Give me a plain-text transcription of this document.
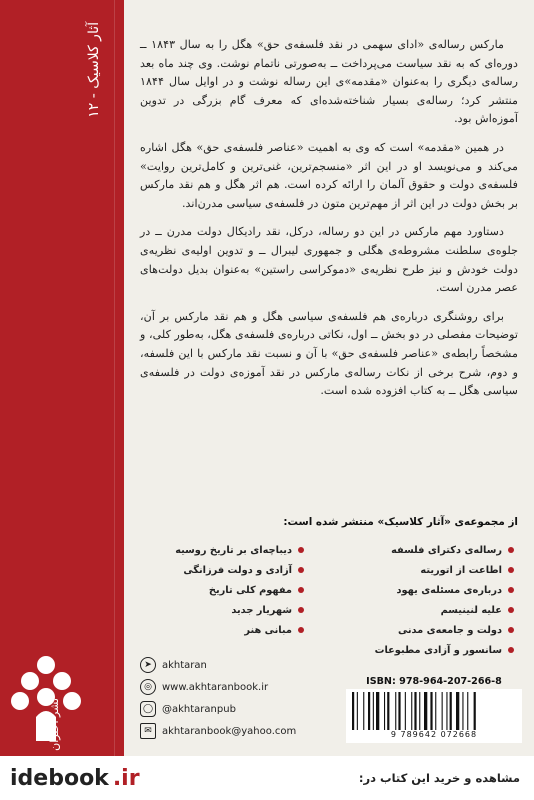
آثار کلاسیک - ۱۲
نشر اختران

مارکس رساله‌ی «ادای سهمی در نقد فلسفه‌ی حق» هگل را به سال ۱۸۴۳ ــ دوره‌ای که به نقد سیاست می‌پرداخت ــ به‌صورتی ناتمام نوشت. وی چند ماه بعد رساله‌ی دیگری را به‌عنوان «مقدمه»ی این رساله نوشت و در اوایل سال ۱۸۴۴ منتشر کرد؛ رساله‌ی بسیار شناخته‌شده‌ای که معرف گام بزرگی در تدوین آموزه‌اش بود.

در همین «مقدمه» است که وی به اهمیت «عناصر فلسفه‌ی حق» هگل اشاره می‌کند و می‌نویسد او در این اثر «منسجم‌ترین، غنی‌ترین و کامل‌ترین روایت» فلسفه‌ی دولت و حقوق آلمان را ارائه کرده است. هم اثر هگل و هم نقد مارکس بر بخش دولت در این اثر از مهم‌ترین متون در فلسفه‌ی سیاسی مدرن‌اند.

دستاورد مهم مارکس در این دو رساله، درکل، نقد رادیکال دولت مدرن ــ در جلوه‌ی سلطنت مشروطه‌ی هگلی و جمهوری لیبرال ــ و تدوین اولیه‌ی نظریه‌ی دولت خودش و نیز طرح نظریه‌ی «دموکراسی راستین» به‌عنوان بدیل دولت‌های عصر مدرن است.

برای روشنگری درباره‌ی هم فلسفه‌ی سیاسی هگل و هم نقد مارکس بر آن، توضیحات مفصلی در دو بخش ــ اول، نکاتی درباره‌ی فلسفه‌ی هگل، به‌طور کلی، و مشخصاً رابطه‌ی «عناصر فلسفه‌ی حق» با آن و نسبت نقد مارکس با این فلسفه، و دوم، شرح برخی از نکات رساله‌ی مارکس در نقد آموزه‌ی دولت در فلسفه‌ی سیاسی هگل ــ به کتاب افزوده شده است.

از مجموعه‌ی «آثار کلاسیک» منتشر شده است:
رساله‌ی دکترای فلسفه
اطاعت از اتوریته
درباره‌ی مسئله‌ی یهود
علیه لنینیسم
دولت و جامعه‌ی مدنی
سانسور و آزادی مطبوعات
دیباچه‌ای بر تاریخ روسیه
آزادی و دولت فرزانگی
مفهوم کلی تاریخ
شهریار جدید
مبانی هنر
➤	akhtaran
◎	www.akhtaranbook.ir
◯ @akhtaranpub
✉	akhtaranbook@yahoo.com
ISBN: 978-964-207-266-8
9 789642 072668
idebook .ir	مشاهده و خرید این کتاب در:
